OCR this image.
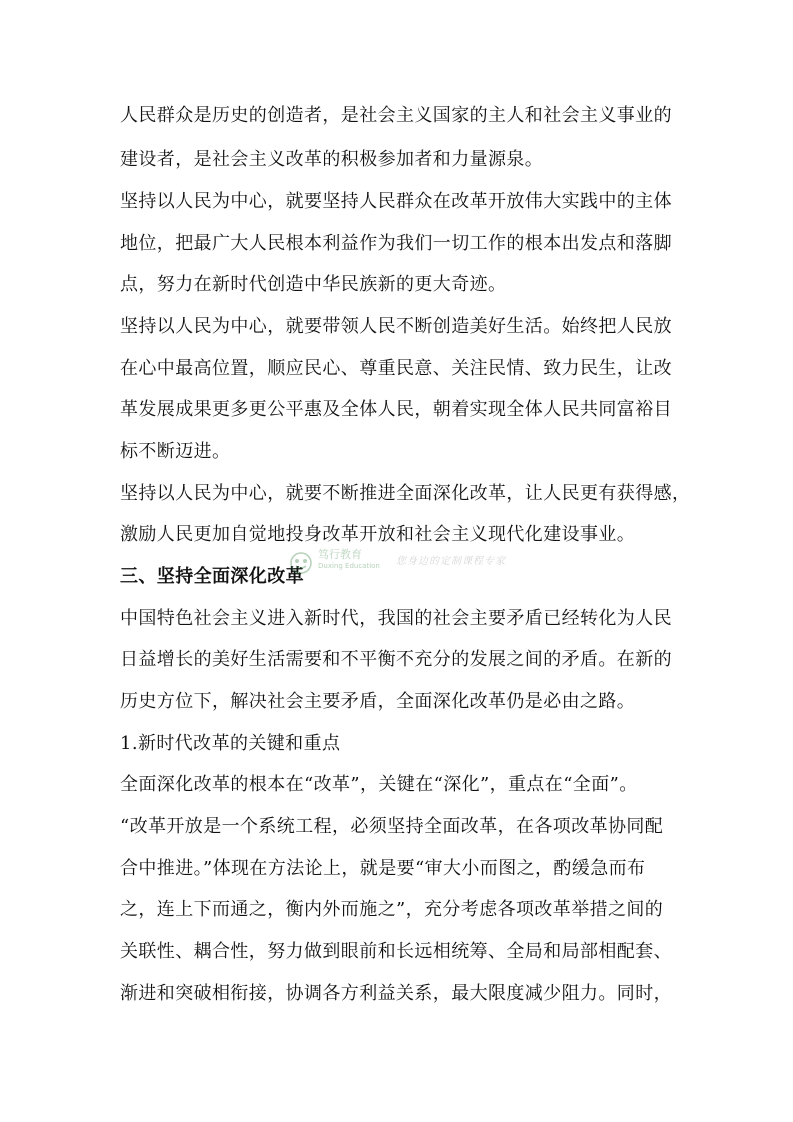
人民群众是历史的创造者，是社会主义国家的主人和社会主义事业的
建设者，是社会主义改革的积极参加者和力量源泉。
坚持以人民为中心，就要坚持人民群众在改革开放伟大实践中的主体
地位，把最广大人民根本利益作为我们一切工作的根本出发点和落脚
点，努力在新时代创造中华民族新的更大奇迹。
坚持以人民为中心，就要带领人民不断创造美好生活。始终把人民放
在心中最高位置，顺应民心、尊重民意、关注民情、致力民生，让改
革发展成果更多更公平惠及全体人民，朝着实现全体人民共同富裕目
标不断迈进。
坚持以人民为中心，就要不断推进全面深化改革，让人民更有获得感，
激励人民更加自觉地投身改革开放和社会主义现代化建设事业。
三、坚持全面深化改革
中国特色社会主义进入新时代，我国的社会主要矛盾已经转化为人民
日益增长的美好生活需要和不平衡不充分的发展之间的矛盾。在新的
历史方位下，解决社会主要矛盾，全面深化改革仍是必由之路。
1.新时代改革的关键和重点
全面深化改革的根本在“改革”，关键在“深化”，重点在“全面”。
“改革开放是一个系统工程，必须坚持全面改革，在各项改革协同配
合中推进。”体现在方法论上，就是要“审大小而图之，酌缓急而布
之，连上下而通之，衡内外而施之”，充分考虑各项改革举措之间的
关联性、耦合性，努力做到眼前和长远相统筹、全局和局部相配套、
渐进和突破相衔接，协调各方利益关系，最大限度减少阻力。同时，
笃行教育
Duxing Education 您身边的定制课程专家
